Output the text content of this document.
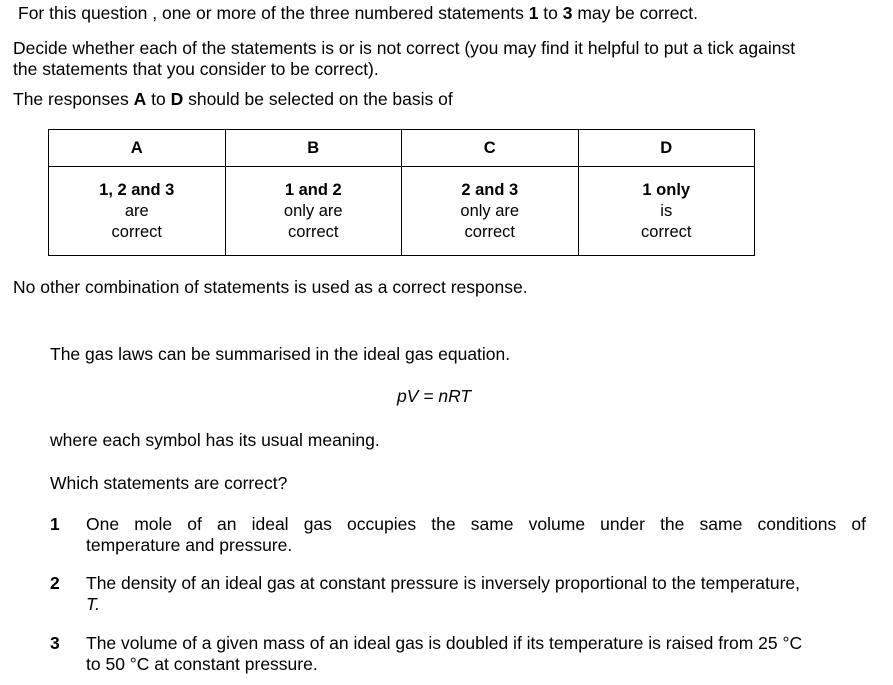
For this question , one or more of the three numbered statements 1 to 3 may be correct.
Decide whether each of the statements is or is not correct (you may find it helpful to put a tick against
the statements that you consider to be correct).
The responses A to D should be selected on the basis of
A	B	C	D

1, 2 and 3
are
correct	1 and 2
only are
correct	2 and 3
only are
correct	1 only
is
correct
No other combination of statements is used as a correct response.
The gas laws can be summarised in the ideal gas equation.
pV = nRT
where each symbol has its usual meaning.
Which statements are correct?
1 One mole of an ideal gas occupies the same volume under the same conditions of
temperature and pressure.
2 The density of an ideal gas at constant pressure is inversely proportional to the temperature,
T.
3 The volume of a given mass of an ideal gas is doubled if its temperature is raised from 25 °C
to 50 °C at constant pressure.
